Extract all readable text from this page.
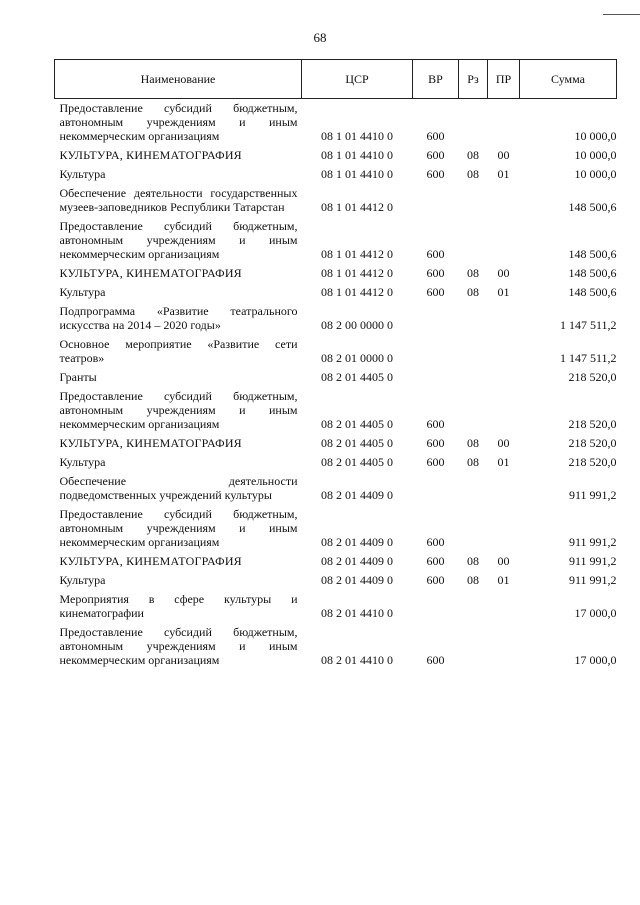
68
Наименование	ЦСР	ВР	Рз	ПР	Сумма
Предоставление субсидий бюджетным, автономным учреждениям и иным некоммерческим организациям	08 1 01 4410 0	600			10 000,0
КУЛЬТУРА, КИНЕМАТОГРАФИЯ	08 1 01 4410 0	600	08	00	10 000,0
Культура	08 1 01 4410 0	600	08	01	10 000,0
Обеспечение деятельности государственных музеев-заповедников Республики Татарстан	08 1 01 4412 0				148 500,6
Предоставление субсидий бюджетным, автономным учреждениям и иным некоммерческим организациям	08 1 01 4412 0	600			148 500,6
КУЛЬТУРА, КИНЕМАТОГРАФИЯ	08 1 01 4412 0	600	08	00	148 500,6
Культура	08 1 01 4412 0	600	08	01	148 500,6
Подпрограмма «Развитие театрального искусства на 2014 – 2020 годы»	08 2 00 0000 0				1 147 511,2
Основное мероприятие «Развитие сети театров»	08 2 01 0000 0				1 147 511,2
Гранты	08 2 01 4405 0				218 520,0
Предоставление субсидий бюджетным, автономным учреждениям и иным некоммерческим организациям	08 2 01 4405 0	600			218 520,0
КУЛЬТУРА, КИНЕМАТОГРАФИЯ	08 2 01 4405 0	600	08	00	218 520,0
Культура	08 2 01 4405 0	600	08	01	218 520,0
Обеспечение деятельности подведомственных учреждений культуры	08 2 01 4409 0				911 991,2
Предоставление субсидий бюджетным, автономным учреждениям и иным некоммерческим организациям	08 2 01 4409 0	600			911 991,2
КУЛЬТУРА, КИНЕМАТОГРАФИЯ	08 2 01 4409 0	600	08	00	911 991,2
Культура	08 2 01 4409 0	600	08	01	911 991,2
Мероприятия в сфере культуры и кинематографии	08 2 01 4410 0				17 000,0
Предоставление субсидий бюджетным, автономным учреждениям и иным некоммерческим организациям	08 2 01 4410 0	600			17 000,0
